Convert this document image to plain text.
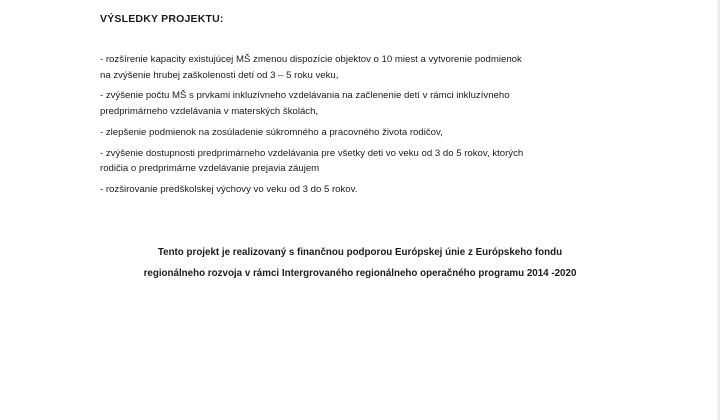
VÝSLEDKY PROJEKTU:
- rozšírenie kapacity existujúcej MŠ zmenou dispozície objektov o 10 miest a vytvorenie podmienok
na zvýšenie hrubej zaškolenosti detí od 3 – 5 roku veku,
- zvýšenie počtu MŠ s prvkami inkluzívneho vzdelávania na začlenenie detí v rámci inkluzívneho
predprimárneho vzdelávania v materských školách,
- zlepšenie podmienok na zosúladenie súkromného a pracovného života rodičov,
- zvýšenie dostupnosti predprimárneho vzdelávania pre všetky deti vo veku od 3 do 5 rokov, ktorých
rodičia o predprimárne vzdelávanie prejavia záujem
- rozširovanie predškolskej výchovy vo veku od 3 do 5 rokov.
Tento projekt je realizovaný s finančnou podporou Európskej únie z Európskeho fondu
regionálneho rozvoja v rámci Intergrovaného regionálneho operačného programu 2014 -2020
